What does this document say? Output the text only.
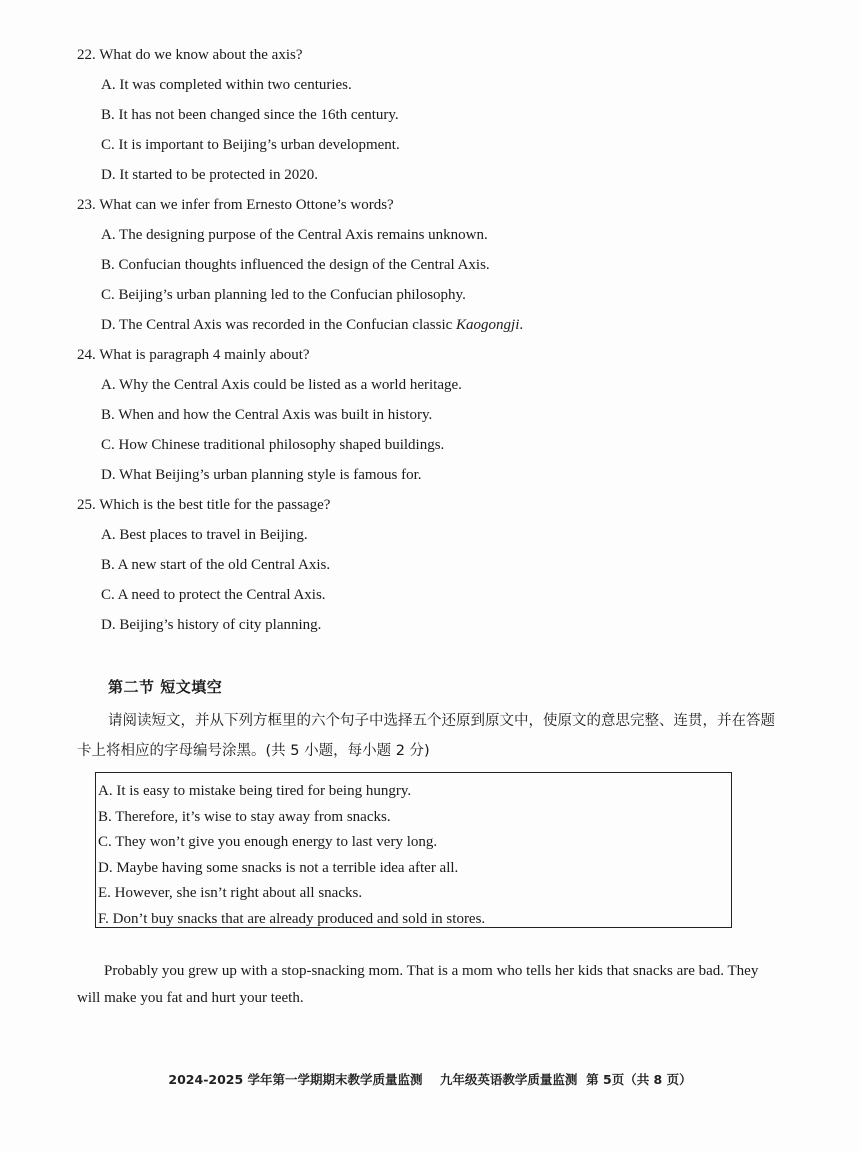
22. What do we know about the axis?
A. It was completed within two centuries.
B. It has not been changed since the 16th century.
C. It is important to Beijing’s urban development.
D. It started to be protected in 2020.
23. What can we infer from Ernesto Ottone’s words?
A. The designing purpose of the Central Axis remains unknown.
B. Confucian thoughts influenced the design of the Central Axis.
C. Beijing’s urban planning led to the Confucian philosophy.
D. The Central Axis was recorded in the Confucian classic Kaogongji.
24. What is paragraph 4 mainly about?
A. Why the Central Axis could be listed as a world heritage.
B. When and how the Central Axis was built in history.
C. How Chinese traditional philosophy shaped buildings.
D. What Beijing’s urban planning style is famous for.
25. Which is the best title for the passage?
A. Best places to travel in Beijing.
B. A new start of the old Central Axis.
C. A need to protect the Central Axis.
D. Beijing’s history of city planning.
第二节 短文填空
请阅读短文，并从下列方框里的六个句子中选择五个还原到原文中，使原文的意思完整、连贯，并在答题卡上将相应的字母编号涂黑。(共 5 小题，每小题 2 分)
A. It is easy to mistake being tired for being hungry.
B. Therefore, it’s wise to stay away from snacks.
C. They won’t give you enough energy to last very long.
D. Maybe having some snacks is not a terrible idea after all.
E. However, she isn’t right about all snacks.
F. Don’t buy snacks that are already produced and sold in stores.
Probably you grew up with a stop-snacking mom. That is a mom who tells her kids that snacks are bad. They will make you fat and hurt your teeth.
2024-2025 学年第一学期期末教学质量监测    九年级英语教学质量监测  第 5页（共 8 页）
